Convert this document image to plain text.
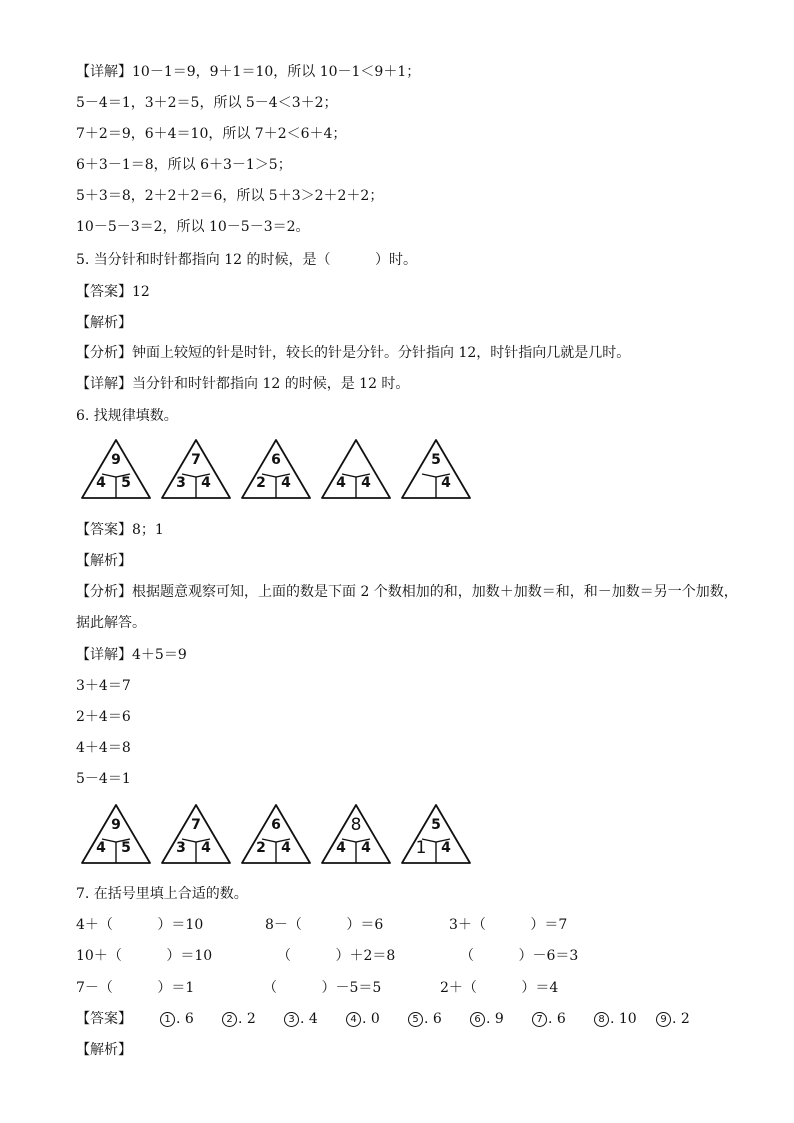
【详解】10－1＝9，9＋1＝10，所以 10－1＜9＋1；
5－4＝1，3＋2＝5，所以 5－4＜3＋2；
7＋2＝9，6＋4＝10，所以 7＋2＜6＋4；
6＋3－1＝8，所以 6＋3－1＞5；
5＋3＝8，2＋2＋2＝6，所以 5＋3＞2＋2＋2；
10－5－3＝2，所以 10－5－3＝2。
5. 当分针和时针都指向 12 的时候，是（          ）时。
【答案】12
【解析】
【分析】钟面上较短的针是时针，较长的针是分针。分针指向 12，时针指向几就是几时。
【详解】当分针和时针都指向 12 的时候，是 12 时。
6. 找规律填数。
9
4 5
7
3 4
6
2 4	4 4
5
4
【答案】8；1
【解析】
【分析】根据题意观察可知，上面的数是下面 2 个数相加的和，加数＋加数＝和，和－加数＝另一个加数，
据此解答。
【详解】4＋5＝9
3＋4＝7
2＋4＝6
4＋4＝8
5－4＝1
9
4 5
7
3 4
6
2 4
8
4 4
5
1 4
7. 在括号里填上合适的数。
4＋（          ）＝10	8－（          ）＝6	3＋（          ）＝7
10＋（          ）＝10	（          ）＋2＝8	（          ）－6＝3
7－（          ）＝1	（          ）－5＝5	2＋（          ）＝4
【答案】	1 . 6	2 . 2	3 . 4	4 . 0	5 . 6	6 . 9	7 . 6	8 . 10	9 . 2
【解析】
